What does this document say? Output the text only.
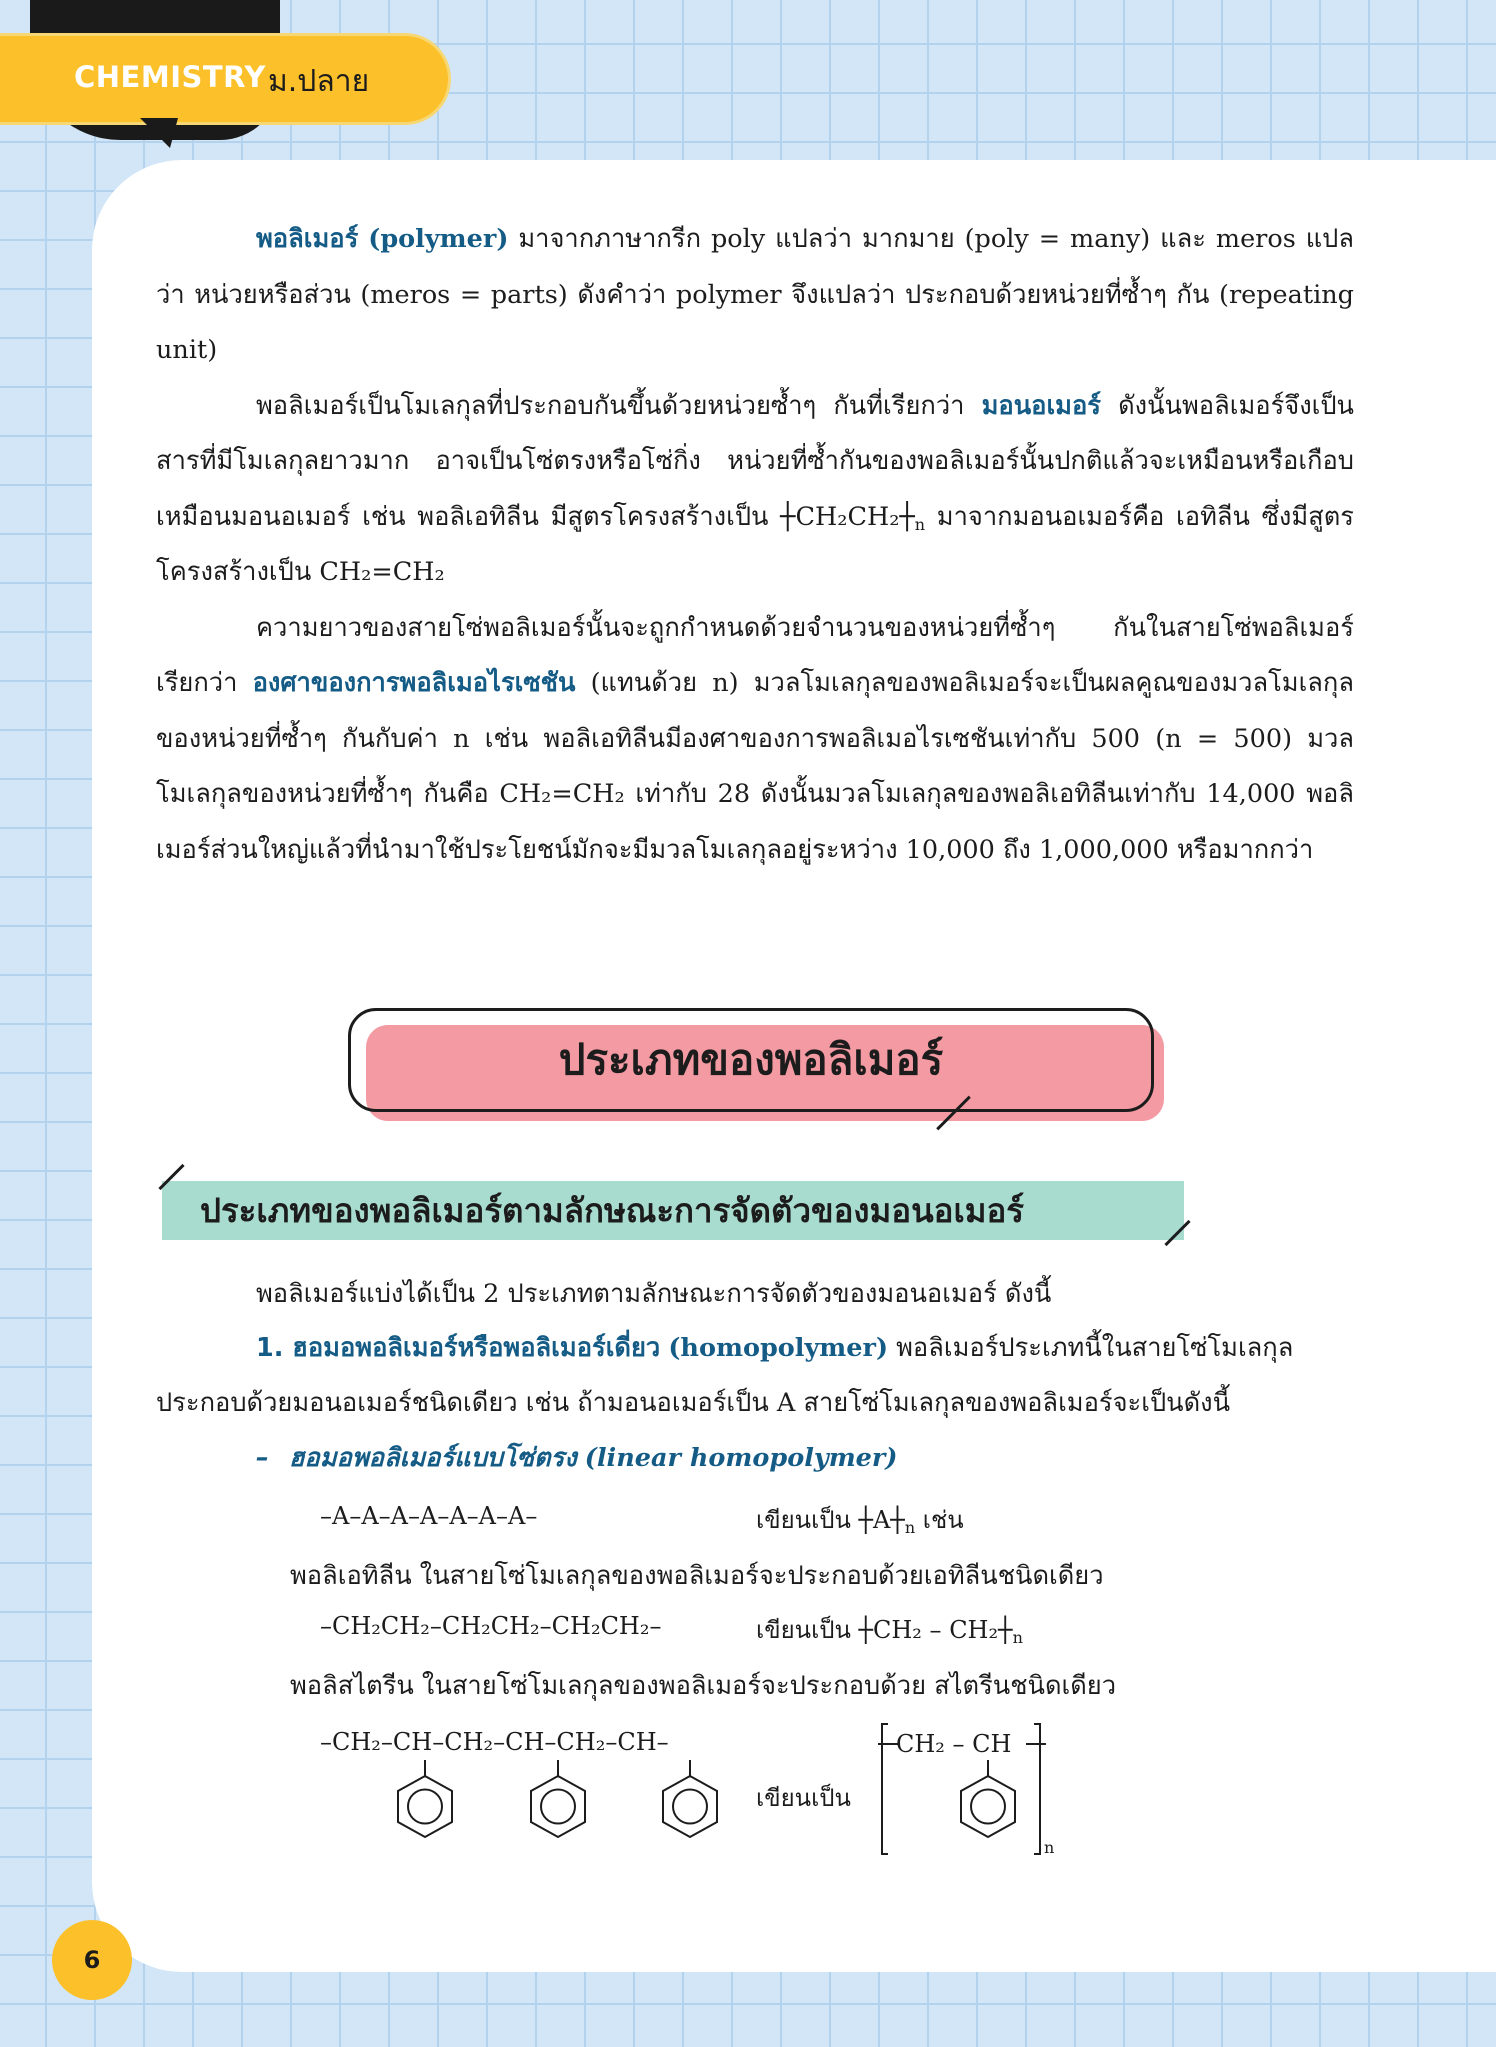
CHEMISTRY ม.ปลาย

พอลิเมอร์ (polymer) มาจากภาษากรีก poly แปลว่า มากมาย (poly = many) และ meros แปลว่า หน่วยหรือส่วน (meros = parts) ดังคำว่า polymer จึงแปลว่า ประกอบด้วยหน่วยที่ซ้ำๆ กัน (repeating unit)

พอลิเมอร์เป็นโมเลกุลที่ประกอบกันขึ้นด้วยหน่วยซ้ำๆ กันที่เรียกว่า มอนอเมอร์ ดังนั้นพอลิเมอร์จึงเป็นสารที่มีโมเลกุลยาวมาก อาจเป็นโซ่ตรงหรือโซ่กิ่ง หน่วยที่ซ้ำกันของพอลิเมอร์นั้นปกติแล้วจะเหมือนหรือเกือบเหมือนมอนอเมอร์ เช่น พอลิเอทิลีน มีสูตรโครงสร้างเป็น $┼CH_2CH_2┼_n$ มาจากมอนอเมอร์คือ เอทิลีน ซึ่งมีสูตรโครงสร้างเป็น CH₂=CH₂

ความยาวของสายโซ่พอลิเมอร์นั้นจะถูกกำหนดด้วยจำนวนของหน่วยที่ซ้ำๆ กันในสายโซ่พอลิเมอร์ เรียกว่า องศาของการพอลิเมอไรเซชัน (แทนด้วย n) มวลโมเลกุลของพอลิเมอร์จะเป็นผลคูณของมวลโมเลกุลของหน่วยที่ซ้ำๆ กันกับค่า n เช่น พอลิเอทิลีนมีองศาของการพอลิเมอไรเซชันเท่ากับ 500 (n = 500) มวลโมเลกุลของหน่วยที่ซ้ำๆ กันคือ CH₂=CH₂ เท่ากับ 28 ดังนั้นมวลโมเลกุลของพอลิเอทิลีนเท่ากับ 14,000 พอลิเมอร์ส่วนใหญ่แล้วที่นำมาใช้ประโยชน์มักจะมีมวลโมเลกุลอยู่ระหว่าง 10,000 ถึง 1,000,000 หรือมากกว่า

ประเภทของพอลิเมอร์
ประเภทของพอลิเมอร์ตามลักษณะการจัดตัวของมอนอเมอร์
พอลิเมอร์แบ่งได้เป็น 2 ประเภทตามลักษณะการจัดตัวของมอนอเมอร์ ดังนี้
1. ฮอมอพอลิเมอร์หรือพอลิเมอร์เดี่ยว (homopolymer) พอลิเมอร์ประเภทนี้ในสายโซ่โมเลกุล
ประกอบด้วยมอนอเมอร์ชนิดเดียว เช่น ถ้ามอนอเมอร์เป็น A สายโซ่โมเลกุลของพอลิเมอร์จะเป็นดังนี้
– ฮอมอพอลิเมอร์แบบโซ่ตรง (linear homopolymer)
–A–A–A–A–A–A–A–	เขียนเป็น $┼A┼_n$ เช่น
พอลิเอทิลีน ในสายโซ่โมเลกุลของพอลิเมอร์จะประกอบด้วยเอทิลีนชนิดเดียว
–CH₂CH₂–CH₂CH₂–CH₂CH₂–	เขียนเป็น ┼CH₂ – $CH_2┼_n$
พอลิสไตรีน ในสายโซ่โมเลกุลของพอลิเมอร์จะประกอบด้วย สไตรีนชนิดเดียว
–CH₂–CH–CH₂–CH–CH₂–CH–
เขียนเป็น
CH₂ – CH
n
6
